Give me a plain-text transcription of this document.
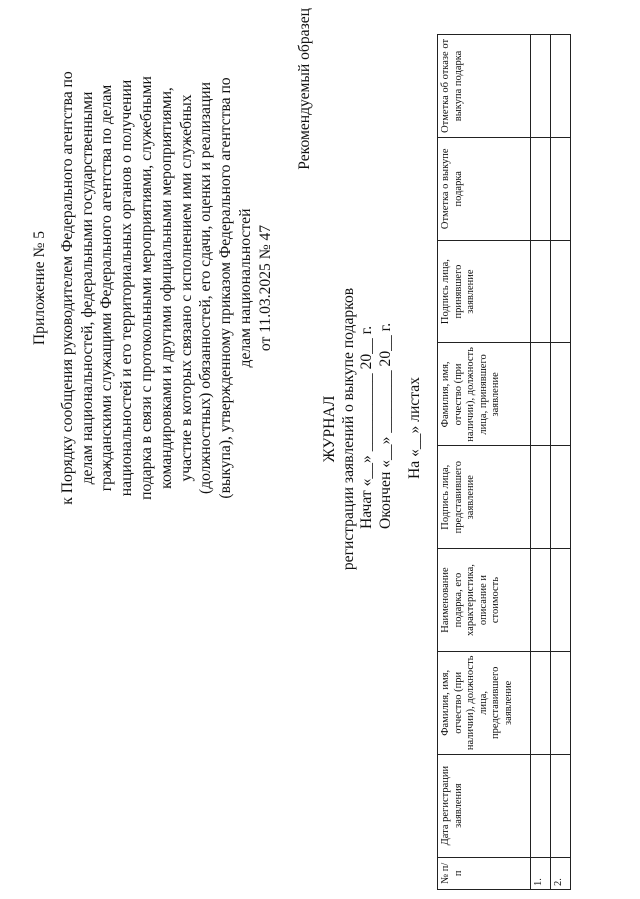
Приложение № 5 к Порядку сообщения руководителем Федерального агентства по делам национальностей, федеральными государственными гражданскими служащими Федерального агентства по делам национальностей и его территориальных органов о получении подарка в связи с протокольными мероприятиями, служебными командировками и другими официальными мероприятиями, участие в которых связано с исполнением ими служебных (должностных) обязанностей, его сдачи, оценки и реализации (выкупа), утвержденному приказом Федерального агентства по делам национальностей от 11.03.2025 № 47
Рекомендуемый образец
ЖУРНАЛ регистрации заявлений о выкупе подарков Начат «__» __________ 20__ г. Окончен «__» ________ 20__ г. На «__» листах
№ п/п	Дата регистрации заявления	Фамилия, имя, отчество (при наличии), должность лица, представившего заявление	Наименование подарка, его характеристика, описание и стоимость	Подпись лица, представившего заявление	Фамилия, имя, отчество (при наличии), должность лица, принявшего заявление	Подпись лица, принявшего заявление	Отметка о выкупе подарка	Отметка об отказе от выкупа подарка
1.								
2.								
